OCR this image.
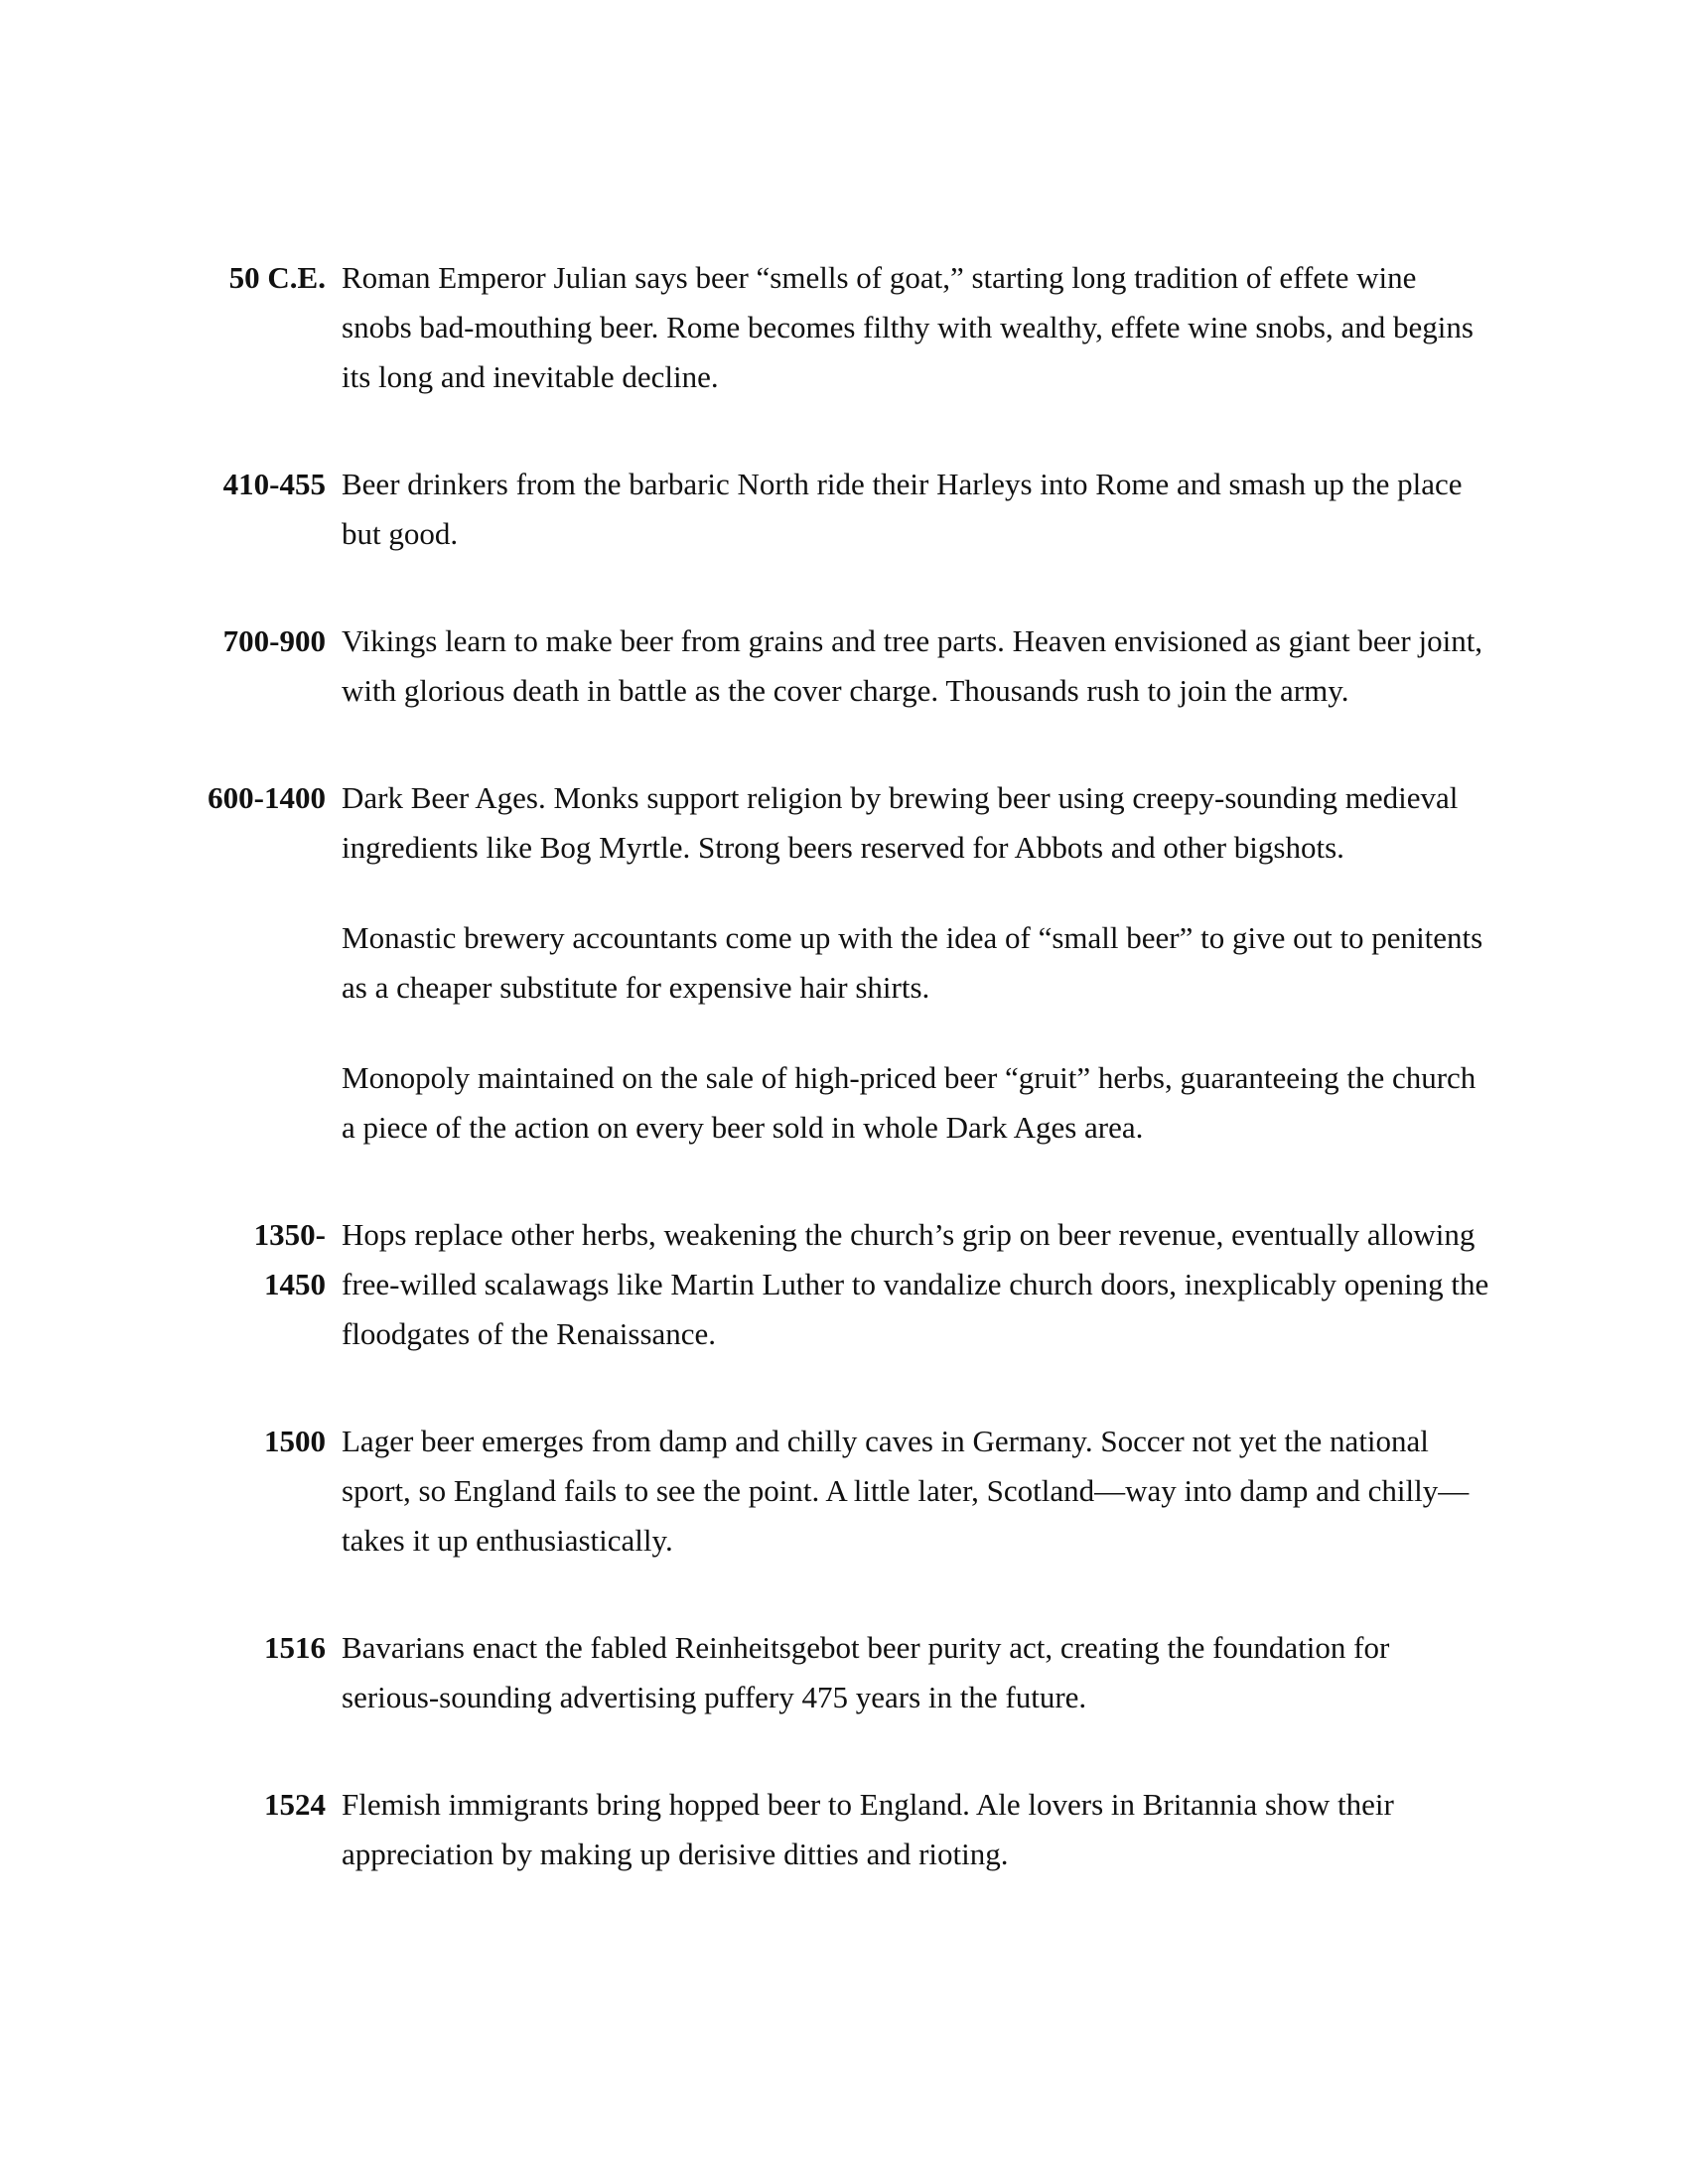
50 C.E. Roman Emperor Julian says beer “smells of goat,” starting long tradition of effete wine snobs bad-mouthing beer. Rome becomes filthy with wealthy, effete wine snobs, and begins its long and inevitable decline.

410-455 Beer drinkers from the barbaric North ride their Harleys into Rome and smash up the place but good.

700-900 Vikings learn to make beer from grains and tree parts. Heaven envisioned as giant beer joint, with glorious death in battle as the cover charge. Thousands rush to join the army.

600-1400 Dark Beer Ages. Monks support religion by brewing beer using creepy-sounding medieval ingredients like Bog Myrtle. Strong beers reserved for Abbots and other bigshots.

Monastic brewery accountants come up with the idea of “small beer” to give out to penitents as a cheaper substitute for expensive hair shirts.

Monopoly maintained on the sale of high-priced beer “gruit” herbs, guaranteeing the church a piece of the action on every beer sold in whole Dark Ages area.

1350-
1450

Hops replace other herbs, weakening the church’s grip on beer revenue, eventually allowing free-willed scalawags like Martin Luther to vandalize church doors, inexplicably opening the floodgates of the Renaissance.

1500 Lager beer emerges from damp and chilly caves in Germany. Soccer not yet the national sport, so England fails to see the point. A little later, Scotland—way into damp and chilly—takes it up enthusiastically.

1516 Bavarians enact the fabled Reinheitsgebot beer purity act, creating the foundation for serious-sounding advertising puffery 475 years in the future.

1524 Flemish immigrants bring hopped beer to England. Ale lovers in Britannia show their appreciation by making up derisive ditties and rioting.
